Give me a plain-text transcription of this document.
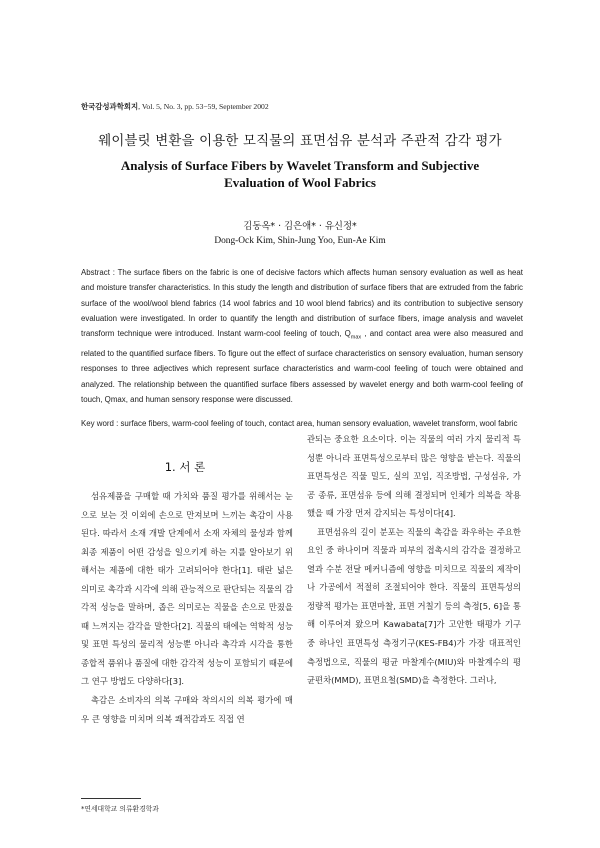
한국감성과학회지, Vol. 5, No. 3, pp. 53−59, September 2002
웨이블릿 변환을 이용한 모직물의 표면섬유 분석과 주관적 감각 평가
Analysis of Surface Fibers by Wavelet Transform and Subjective Evaluation of Wool Fabrics
김동옥* · 김은애* · 유신정*
Dong-Ock Kim, Shin-Jung Yoo, Eun-Ae Kim
Abstract : The surface fibers on the fabric is one of decisive factors which affects human sensory evaluation as well as heat and moisture transfer characteristics. In this study the length and distribution of surface fibers that are extruded from the fabric surface of the wool/wool blend fabrics (14 wool fabrics and 10 wool blend fabrics) and its contribution to subjective sensory evaluation were investigated. In order to quantify the length and distribution of surface fibers, image analysis and wavelet transform technique were introduced. Instant warm-cool feeling of touch, $Q_{max}$ , and contact area were also measured and related to the quantified surface fibers. To figure out the effect of surface characteristics on sensory evaluation, human sensory responses to three adjectives which represent surface characteristics and warm-cool feeling of touch were obtained and analyzed. The relationship between the quantified surface fibers assessed by wavelet energy and both warm-cool feeling of touch, Qmax, and human sensory response were discussed.
Key word : surface fibers, warm-cool feeling of touch, contact area, human sensory evaluation, wavelet transform, wool fabric
1. 서 론

섬유제품을 구매할 때 가치와 품질 평가를 위해서는 눈으로 보는 것 이외에 손으로 만져보며 느끼는 촉감이 사용된다. 따라서 소재 개발 단계에서 소재 자체의 물성과 함께 최종 제품이 어떤 감성을 일으키게 하는 지를 알아보기 위해서는 제품에 대한 태가 고려되어야 한다[1]. 태란 넓은 의미로 촉각과 시각에 의해 관능적으로 판단되는 직물의 감각적 성능을 말하며, 좁은 의미로는 직물을 손으로 만졌을 때 느껴지는 감각을 말한다[2]. 직물의 태에는 역학적 성능 및 표면 특성의 물리적 성능뿐 아니라 촉각과 시각을 통한 종합적 품위나 품질에 대한 감각적 성능이 포함되기 때문에 그 연구 방법도 다양하다[3].

촉감은 소비자의 의복 구매와 착의시의 의복 평가에 매우 큰 영향을 미치며 의복 쾌적감과도 직접 연

관되는 중요한 요소이다. 이는 직물의 여러 가지 물리적 특성뿐 아니라 표면특성으로부터 많은 영향을 받는다. 직물의 표면특성은 직물 밀도, 실의 꼬임, 직조방법, 구성섬유, 가공 종류, 표면섬유 등에 의해 결정되며 인체가 의복을 착용했을 때 가장 먼저 감지되는 특성이다[4].

표면섬유의 길이 분포는 직물의 촉감을 좌우하는 주요한 요인 중 하나이며 직물과 피부의 접촉시의 감각을 결정하고 열과 수분 전달 메커니즘에 영향을 미치므로 직물의 제작이나 가공에서 적절히 조절되어야 한다. 직물의 표면특성의 정량적 평가는 표면마찰, 표면 거칠기 등의 측정[5, 6]을 통해 이루어져 왔으며 Kawabata[7]가 고안한 태평가 기구 중 하나인 표면특성 측정기구(KES-FB4)가 가장 대표적인 측정법으로, 직물의 평균 마찰계수(MIU)와 마찰계수의 평균편차(MMD), 표면요철(SMD)을 측정한다. 그러나,

*연세대학교 의류환경학과
